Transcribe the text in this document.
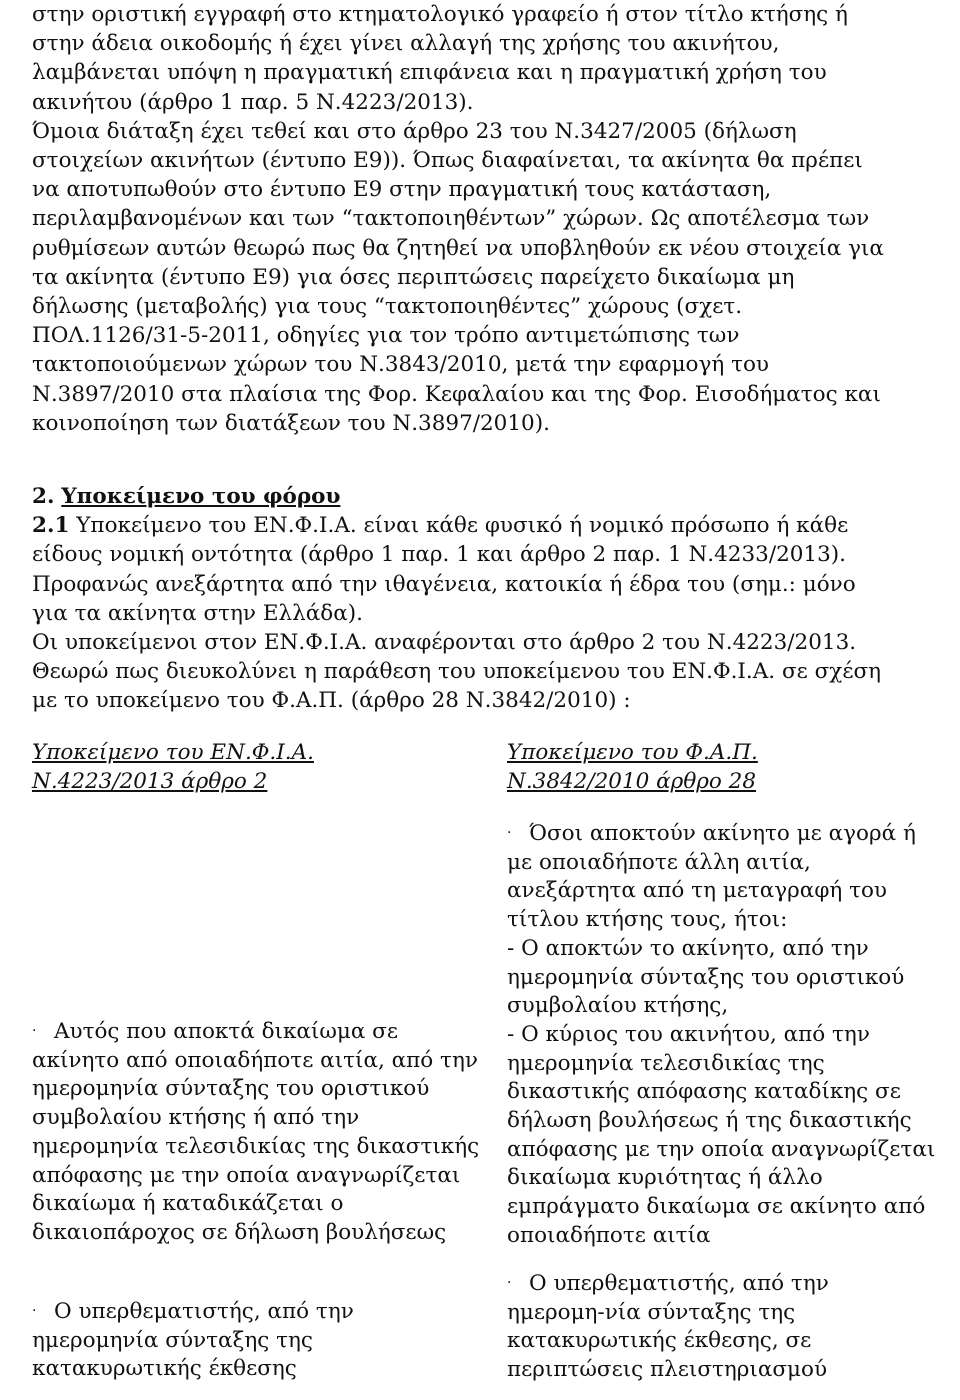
στην οριστική εγγραφή στο κτηματολογικό γραφείο ή στον τίτλο κτήσης ή
στην άδεια οικοδομής ή έχει γίνει αλλαγή της χρήσης του ακινήτου,
λαμβάνεται υπόψη η πραγματική επιφάνεια και η πραγματική χρήση του
ακινήτου (άρθρο 1 παρ. 5 Ν.4223/2013).
Όμοια διάταξη έχει τεθεί και στο άρθρο 23 του Ν.3427/2005 (δήλωση
στοιχείων ακινήτων (έντυπο Ε9)). Όπως διαφαίνεται, τα ακίνητα θα πρέπει
να αποτυπωθούν στο έντυπο Ε9 στην πραγματική τους κατάσταση,
περιλαμβανομένων και των “τακτοποιηθέντων” χώρων. Ως αποτέλεσμα των
ρυθμίσεων αυτών θεωρώ πως θα ζητηθεί να υποβληθούν εκ νέου στοιχεία για
τα ακίνητα (έντυπο Ε9) για όσες περιπτώσεις παρείχετο δικαίωμα μη
δήλωσης (μεταβολής) για τους “τακτοποιηθέντες” χώρους (σχετ.
ΠΟΛ.1126/31-5-2011, οδηγίες για τον τρόπο αντιμετώπισης των
τακτοποιούμενων χώρων του Ν.3843/2010, μετά την εφαρμογή του
Ν.3897/2010 στα πλαίσια της Φορ. Κεφαλαίου και της Φορ. Εισοδήματος και
κοινοποίηση των διατάξεων του Ν.3897/2010).
2. Υποκείμενο του φόρου
2.1 Υποκείμενο του ΕΝ.Φ.Ι.Α. είναι κάθε φυσικό ή νομικό πρόσωπο ή κάθε
είδους νομική οντότητα (άρθρο 1 παρ. 1 και άρθρο 2 παρ. 1 Ν.4233/2013).
Προφανώς ανεξάρτητα από την ιθαγένεια, κατοικία ή έδρα του (σημ.: μόνο
για τα ακίνητα στην Ελλάδα).
Οι υποκείμενοι στον ΕΝ.Φ.Ι.Α. αναφέρονται στο άρθρο 2 του Ν.4223/2013.
Θεωρώ πως διευκολύνει η παράθεση του υποκείμενου του ΕΝ.Φ.Ι.Α. σε σχέση
με το υποκείμενο του Φ.Α.Π. (άρθρο 28 Ν.3842/2010) :
Υποκείμενο του ΕΝ.Φ.Ι.Α.
Ν.4223/2013 άρθρο 2
Υποκείμενο του Φ.Α.Π.
Ν.3842/2010 άρθρο 28
· Αυτός που αποκτά δικαίωμα σε
ακίνητο από οποιαδήποτε αιτία, από την
ημερομηνία σύνταξης του οριστικού
συμβολαίου κτήσης ή από την
ημερομηνία τελεσιδικίας της δικαστικής
απόφασης με την οποία αναγνωρίζεται
δικαίωμα ή καταδικάζεται ο
δικαιοπάροχος σε δήλωση βουλήσεως
· Ο υπερθεματιστής, από την
ημερομηνία σύνταξης της
κατακυρωτικής έκθεσης
· Όσοι αποκτούν ακίνητο με αγορά ή
με οποιαδήποτε άλλη αιτία,
ανεξάρτητα από τη μεταγραφή του
τίτλου κτήσης τους, ήτοι:
- Ο αποκτών το ακίνητο, από την
ημερομηνία σύνταξης του οριστικού
συμβολαίου κτήσης,
- Ο κύριος του ακινήτου, από την
ημερομηνία τελεσιδικίας της
δικαστικής απόφασης καταδίκης σε
δήλωση βουλήσεως ή της δικαστικής
απόφασης με την οποία αναγνωρίζεται
δικαίωμα κυριότητας ή άλλο
εμπράγματο δικαίωμα σε ακίνητο από
οποιαδήποτε αιτία
· Ο υπερθεματιστής, από την
ημερομη-νία σύνταξης της
κατακυρωτικής έκθεσης, σε
περιπτώσεις πλειστηριασμού
